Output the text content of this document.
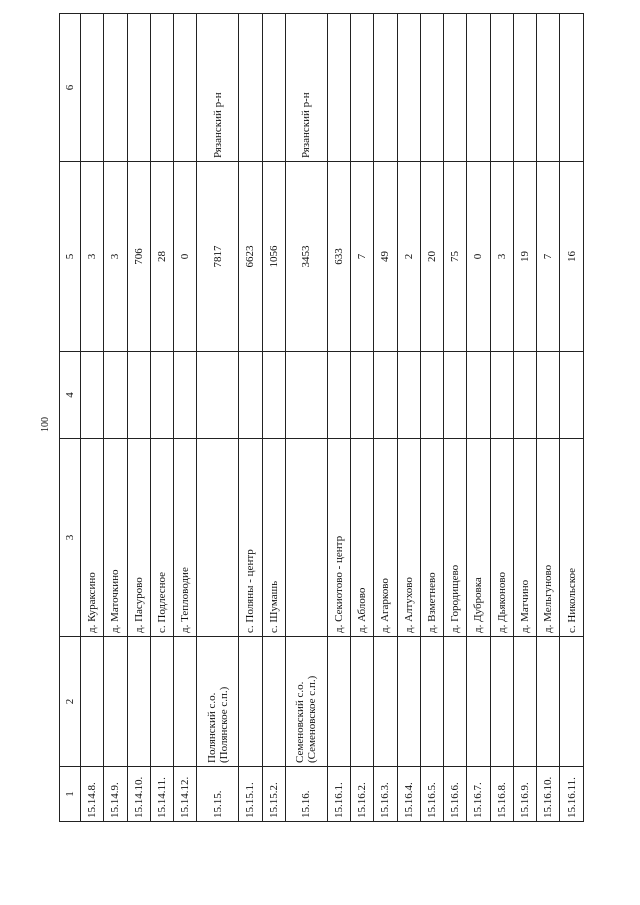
100
1	2	3	4	5	6
15.14.8.		д. Кураксино		3	
15.14.9.		д. Маточкино		3	
15.14.10.		д. Пасурово		706	
15.14.11.		с. Подлесное		28	
15.14.12.		д. Тепловодие		0	
15.15.	Полянский с.о. (Полянское с.п.)			7817	Рязанский р-н
15.15.1.		с. Поляны - центр		6623	
15.15.2.		с. Шумашь		1056	
15.16.	Семеновский с.о. (Семеновское с.п.)			3453	Рязанский р-н
15.16.1.		д. Секиотово - центр		633	
15.16.2.		д. Аблово		7	
15.16.3.		д. Агарково		49	
15.16.4.		д. Алтухово		2	
15.16.5.		д. Взметнево		20	
15.16.6.		д. Городищево		75	
15.16.7.		д. Дубровка		0	
15.16.8.		д. Дьяконово		3	
15.16.9.		д. Матчино		19	
15.16.10.		д. Мельгуново		7	
15.16.11.		с. Никольское		16	
